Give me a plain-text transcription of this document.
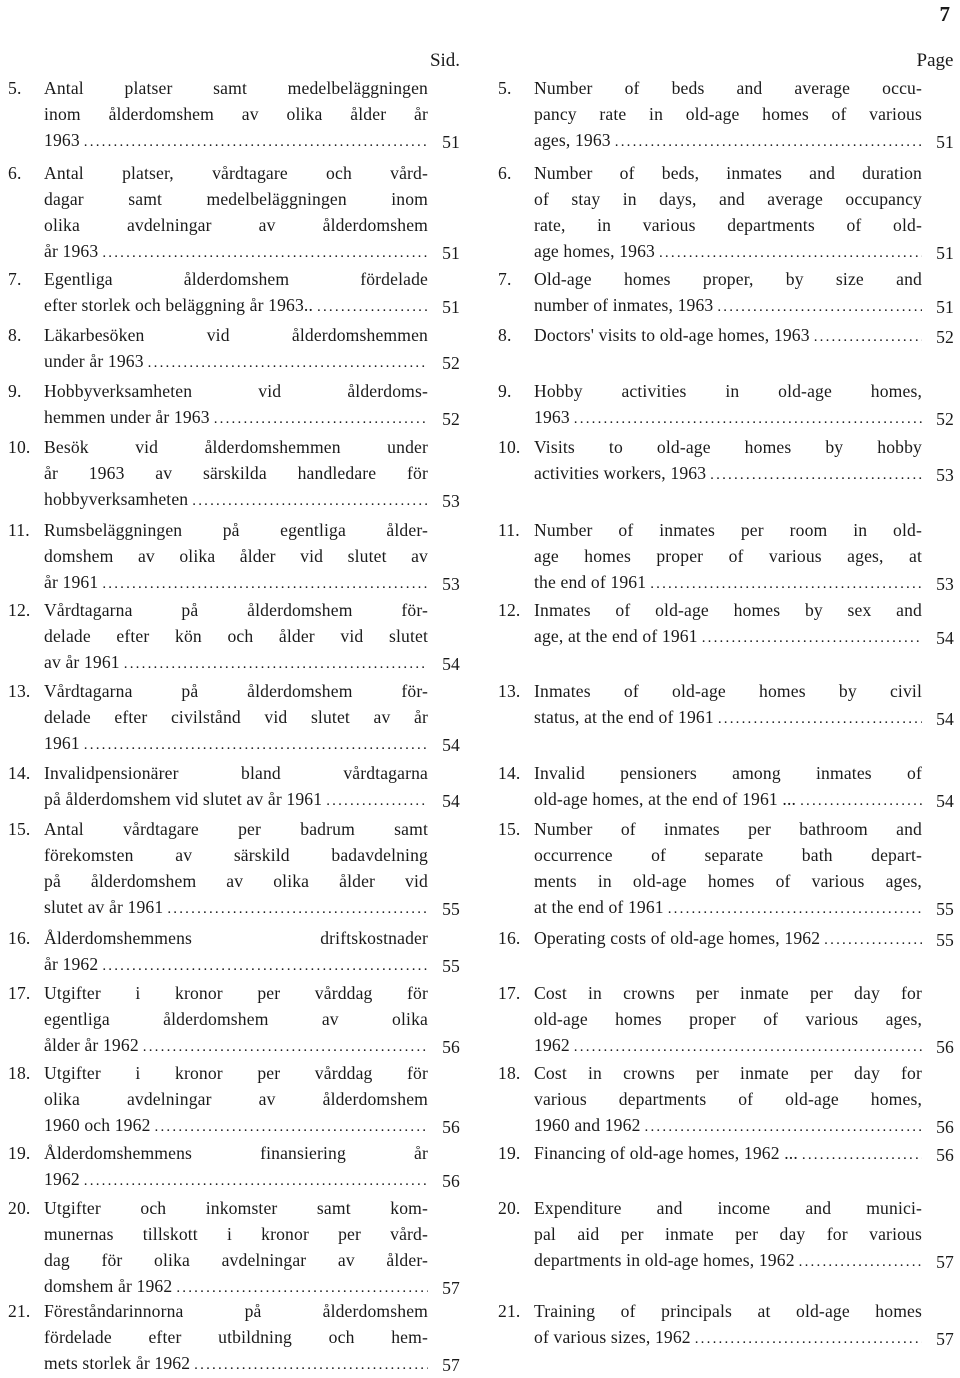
7
Sid.	Page
5.	Antal platser samt medelbeläggningen
inom ålderdomshem av olika ålder år
1963 .....	51
6.	Antal platser, vårdtagare och vård-
dagar samt medelbeläggningen inom
olika avdelningar av ålderdomshem
år 1963 .....	51
7.	Egentliga ålderdomshem fördelade
efter storlek och beläggning år 1963.. .....	51
8.	Läkarbesöken vid ålderdomshemmen
under år 1963 .....	52
9.	Hobbyverksamheten vid ålderdoms-
hemmen under år 1963 .....	52
10. Besök vid ålderdomshemmen under
år 1963 av särskilda handledare för
hobbyverksamheten .....	53
11. Rumsbeläggningen på egentliga ålder-
domshem av olika ålder vid slutet av
år 1961 .....	53
12. Vårdtagarna på ålderdomshem för-
delade efter kön och ålder vid slutet
av år 1961 .....	54
13. Vårdtagarna på ålderdomshem för-
delade efter civilstånd vid slutet av år
1961 .....	54
14. Invalidpensionärer bland vårdtagarna
på ålderdomshem vid slutet av år 1961 .....	54
15. Antal vårdtagare per badrum samt
förekomsten av särskild badavdelning
på ålderdomshem av olika ålder vid
slutet av år 1961 .....	55
16. Ålderdomshemmens driftskostnader
år 1962 .....	55
17. Utgifter i kronor per vårddag för
egentliga ålderdomshem av olika
ålder år 1962 .....	56
18. Utgifter i kronor per vårddag för
olika avdelningar av ålderdomshem
1960 och 1962 .....	56
19. Ålderdomshemmens finansiering år
1962 .....	56
20. Utgifter och inkomster samt kom-
munernas tillskott i kronor per vård-
dag för olika avdelningar av ålder-
domshem år 1962 .....	57
21. Föreståndarinnorna på ålderdomshem
fördelade efter utbildning och hem-
mets storlek år 1962 .....	57
5.	Number of beds and average occu-
pancy rate in old-age homes of various
ages, 1963 .....	51
6.	Number of beds, inmates and duration
of stay in days, and average occupancy
rate, in various departments of old-
age homes, 1963 .....	51
7.	Old-age homes proper, by size and
number of inmates, 1963 .....	51
8.	Doctors' visits to old-age homes, 1963 .....	52
9.	Hobby activities in old-age homes,
1963 .....	52
10. Visits to old-age homes by hobby
activities workers, 1963 .....	53
11. Number of inmates per room in old-
age homes proper of various ages, at
the end of 1961 .....	53
12. Inmates of old-age homes by sex and
age, at the end of 1961 .....	54
13. Inmates of old-age homes by civil
status, at the end of 1961 .....	54
14. Invalid pensioners among inmates of
old-age homes, at the end of 1961 ... .....	54
15. Number of inmates per bathroom and
occurrence of separate bath depart-
ments in old-age homes of various ages,
at the end of 1961 .....	55
16. Operating costs of old-age homes, 1962 .....	55
17. Cost in crowns per inmate per day for
old-age homes proper of various ages,
1962 .....	56
18. Cost in crowns per inmate per day for
various departments of old-age homes,
1960 and 1962 .....	56
19. Financing of old-age homes, 1962 ... .....	56
20. Expenditure and income and munici-
pal aid per inmate per day for various
departments in old-age homes, 1962 .....	57
21. Training of principals at old-age homes
of various sizes, 1962 .....	57
